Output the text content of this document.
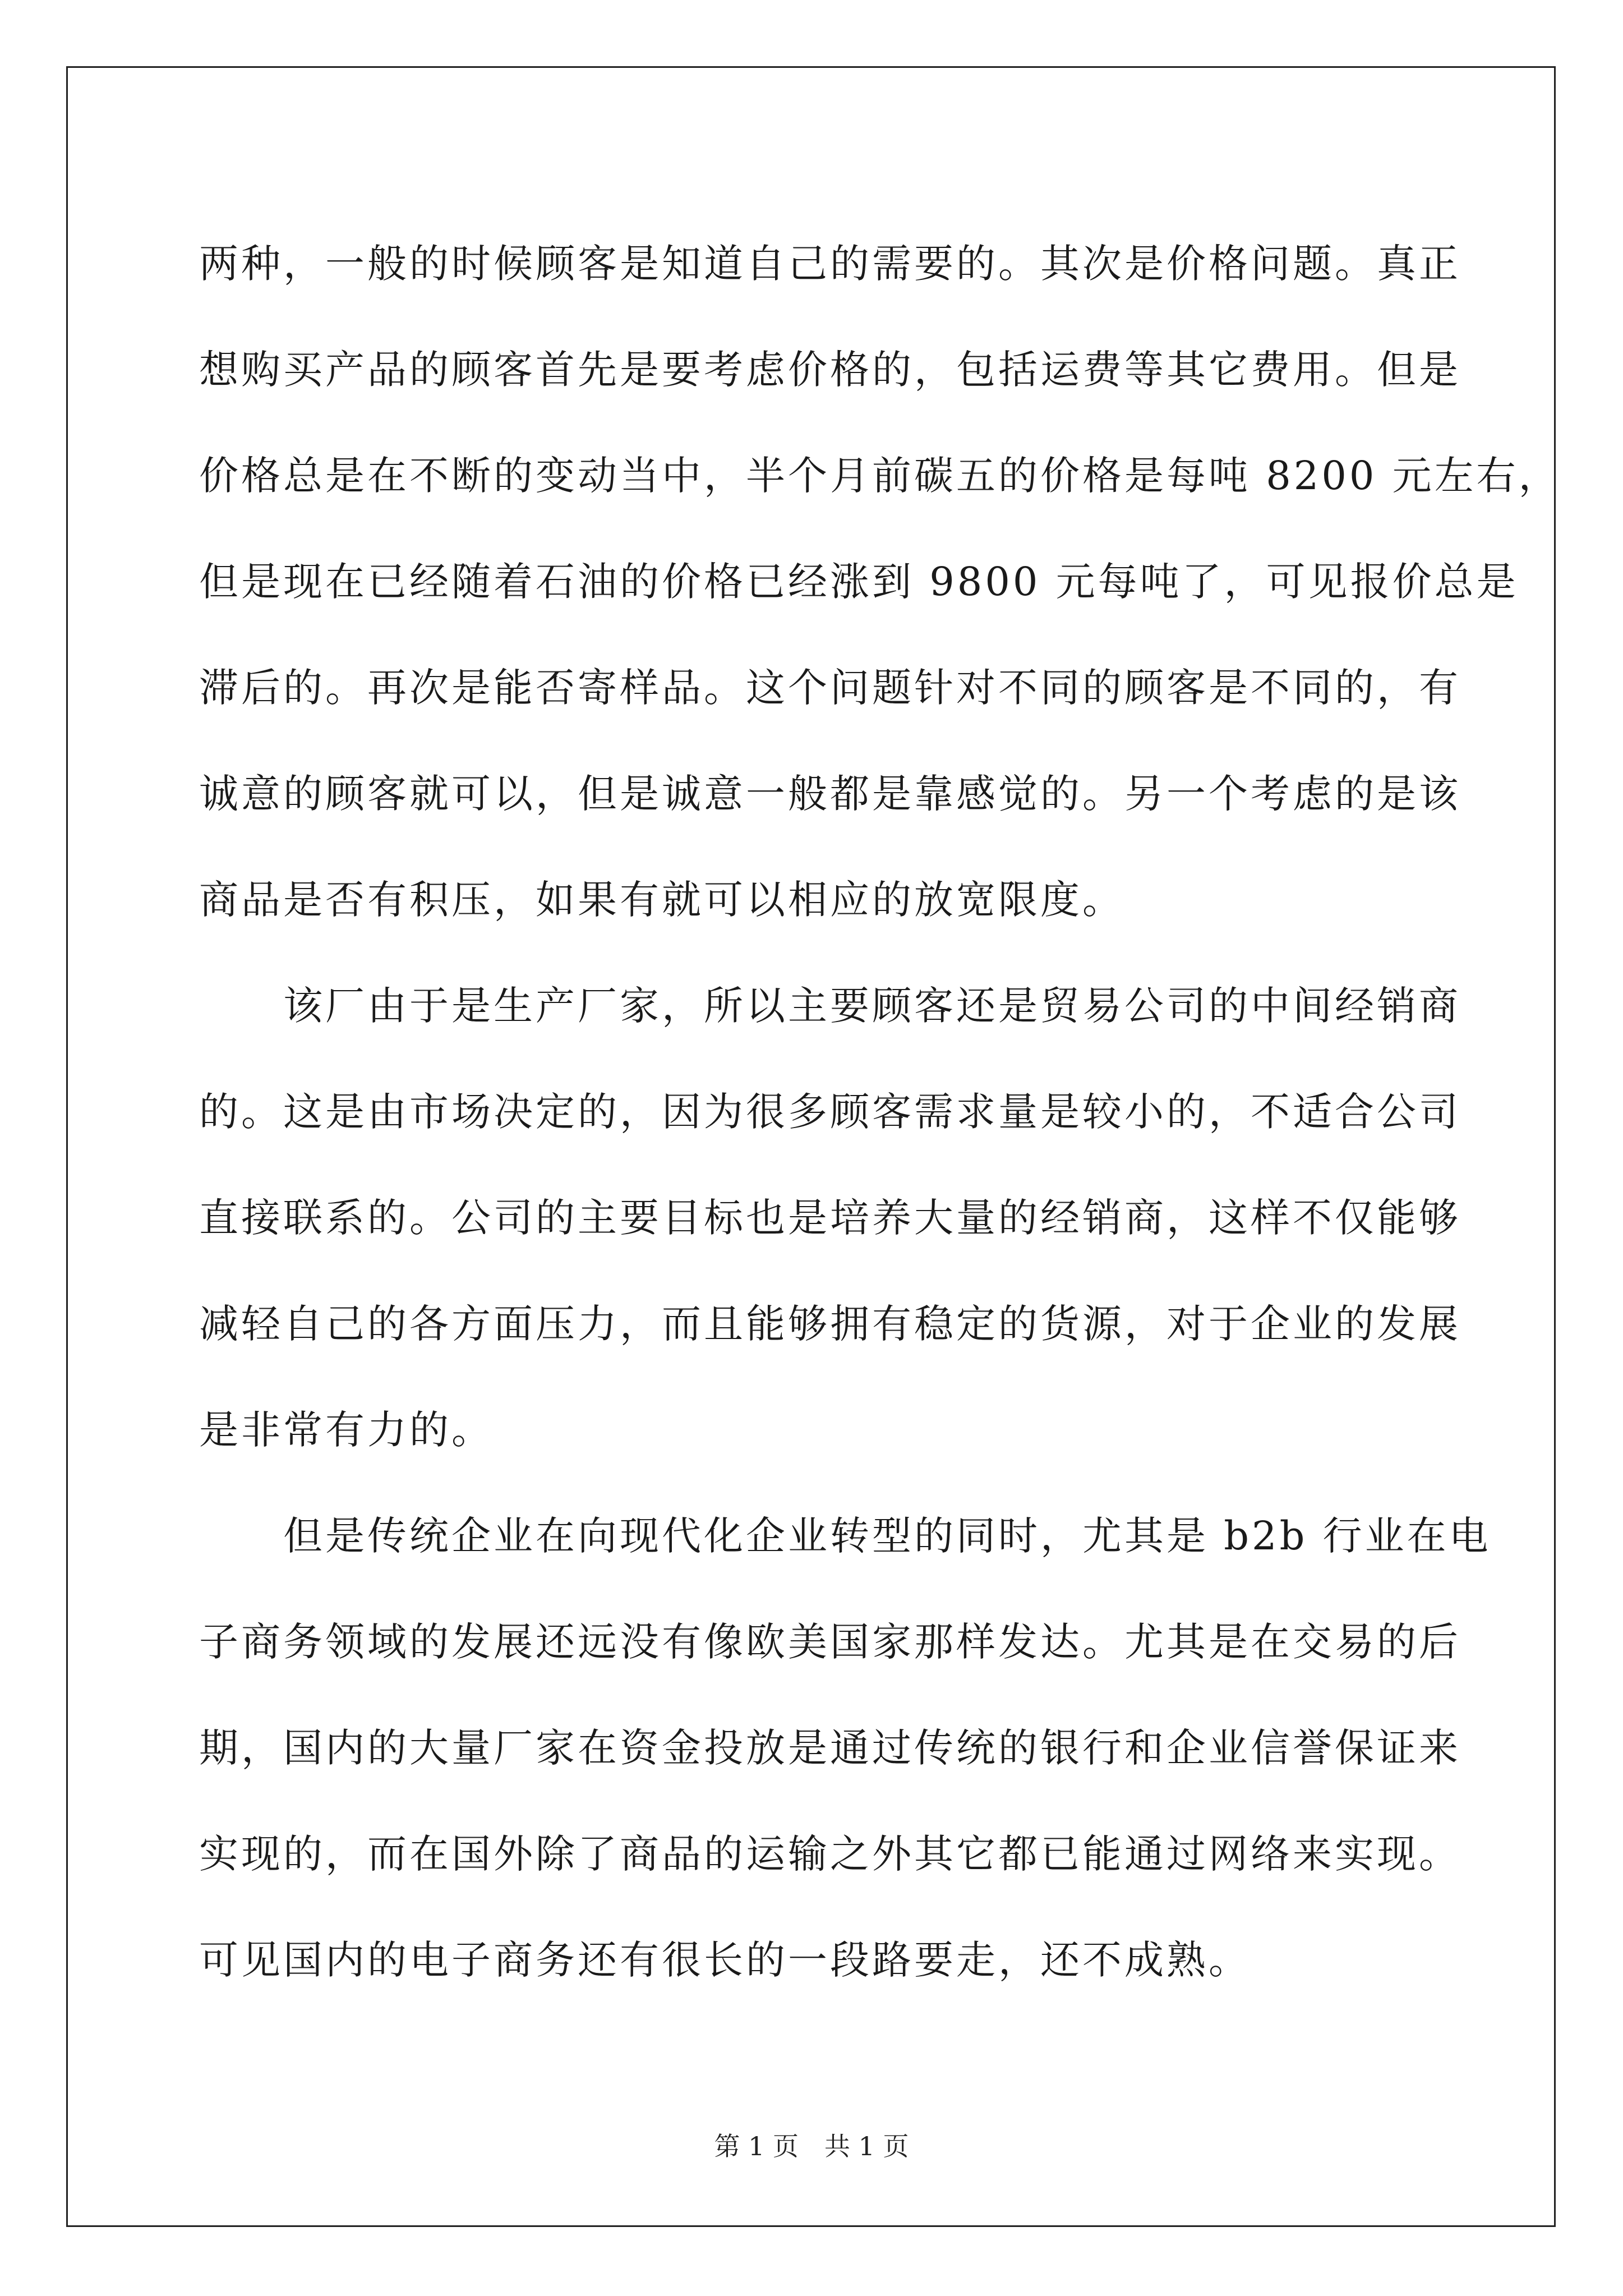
两种，一般的时候顾客是知道自己的需要的。其次是价格问题。真正
想购买产品的顾客首先是要考虑价格的，包括运费等其它费用。但是
价格总是在不断的变动当中，半个月前碳五的价格是每吨 8200 元左右，
但是现在已经随着石油的价格已经涨到 9800 元每吨了，可见报价总是
滞后的。再次是能否寄样品。这个问题针对不同的顾客是不同的，有
诚意的顾客就可以，但是诚意一般都是靠感觉的。另一个考虑的是该
商品是否有积压，如果有就可以相应的放宽限度。
该厂由于是生产厂家，所以主要顾客还是贸易公司的中间经销商
的。这是由市场决定的，因为很多顾客需求量是较小的，不适合公司
直接联系的。公司的主要目标也是培养大量的经销商，这样不仅能够
减轻自己的各方面压力，而且能够拥有稳定的货源，对于企业的发展
是非常有力的。
但是传统企业在向现代化企业转型的同时，尤其是 b2b 行业在电
子商务领域的发展还远没有像欧美国家那样发达。尤其是在交易的后
期，国内的大量厂家在资金投放是通过传统的银行和企业信誉保证来
实现的，而在国外除了商品的运输之外其它都已能通过网络来实现。
可见国内的电子商务还有很长的一段路要走，还不成熟。
第 1 页　共 1 页
